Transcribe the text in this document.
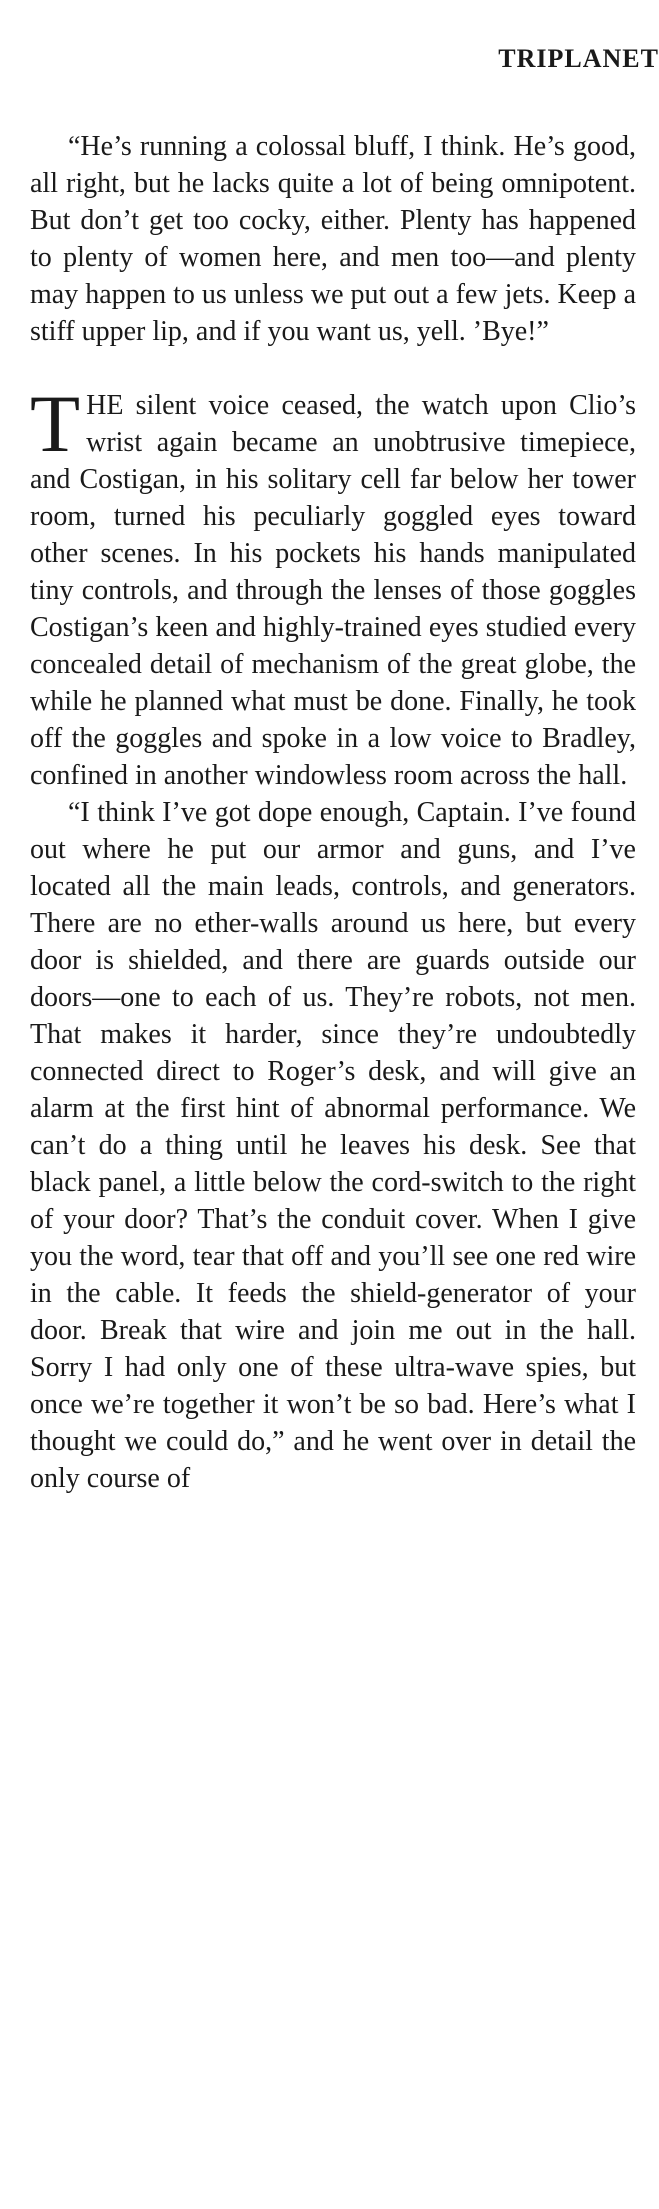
TRIPLANET

“He’s running a colossal bluff, I think. He’s good, all right, but he lacks quite a lot of being omnipotent. But don’t get too cocky, either. Plenty has happened to plenty of women here, and men too—and plenty may happen to us unless we put out a few jets. Keep a stiff upper lip, and if you want us, yell. ’Bye!”

THE silent voice ceased, the watch upon Clio’s wrist again became an unobtrusive timepiece, and Costigan, in his solitary cell far below her tower room, turned his peculiarly goggled eyes toward other scenes. In his pockets his hands manipulated tiny controls, and through the lenses of those goggles Costigan’s keen and highly-trained eyes studied every concealed detail of mechanism of the great globe, the while he planned what must be done. Finally, he took off the goggles and spoke in a low voice to Bradley, confined in another windowless room across the hall.

“I think I’ve got dope enough, Captain. I’ve found out where he put our armor and guns, and I’ve located all the main leads, controls, and generators. There are no ether-walls around us here, but every door is shielded, and there are guards outside our doors—one to each of us. They’re robots, not men. That makes it harder, since they’re undoubtedly connected direct to Roger’s desk, and will give an alarm at the first hint of abnormal performance. We can’t do a thing until he leaves his desk. See that black panel, a little below the cord-switch to the right of your door? That’s the conduit cover. When I give you the word, tear that off and you’ll see one red wire in the cable. It feeds the shield-generator of your door. Break that wire and join me out in the hall. Sorry I had only one of these ultra-wave spies, but once we’re together it won’t be so bad. Here’s what I thought we could do,” and he went over in detail the only course of
